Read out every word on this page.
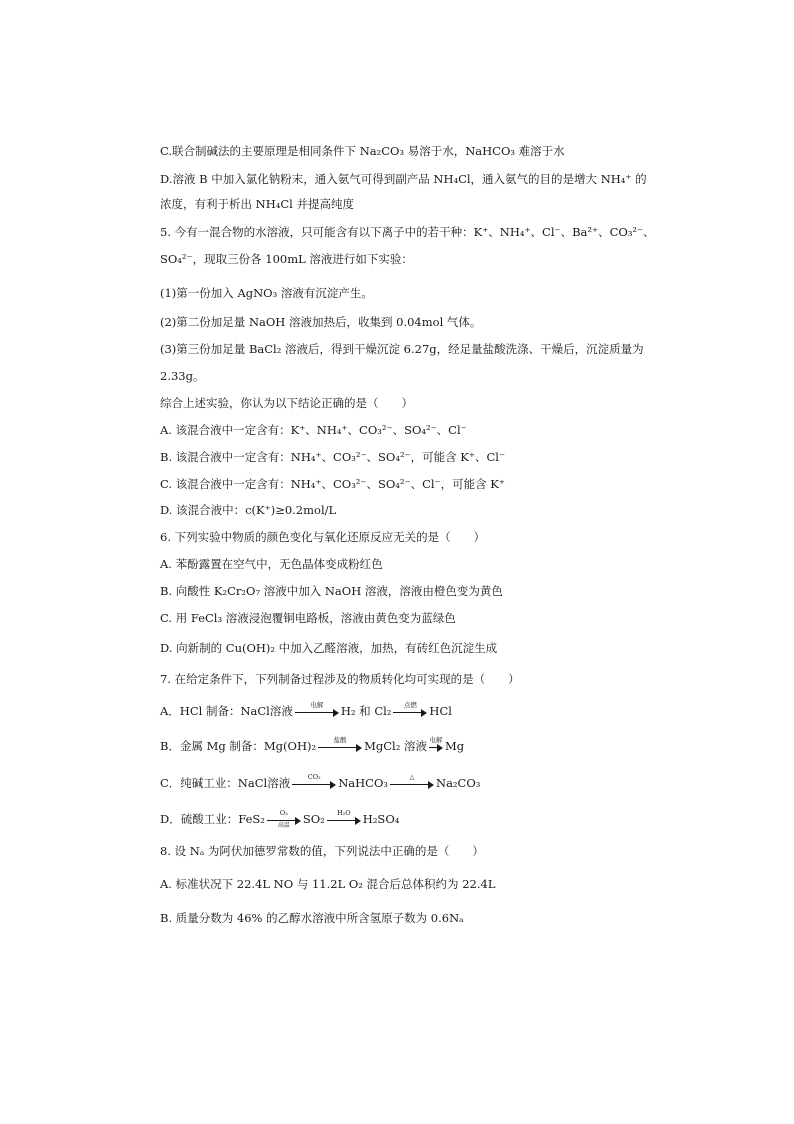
C.联合制碱法的主要原理是相同条件下 Na₂CO₃ 易溶于水，NaHCO₃ 难溶于水
D.溶液 B 中加入氯化钠粉末，通入氨气可得到副产品 NH₄Cl，通入氨气的目的是增大 NH₄⁺ 的
浓度，有利于析出 NH₄Cl 并提高纯度
5. 今有一混合物的水溶液，只可能含有以下离子中的若干种：K⁺、NH₄⁺、Cl⁻、Ba²⁺、CO₃²⁻、
SO₄²⁻，现取三份各 100mL 溶液进行如下实验：
(1)第一份加入 AgNO₃ 溶液有沉淀产生。
(2)第二份加足量 NaOH 溶液加热后，收集到 0.04mol 气体。
(3)第三份加足量 BaCl₂ 溶液后，得到干燥沉淀 6.27g，经足量盐酸洗涤、干燥后，沉淀质量为
2.33g。
综合上述实验，你认为以下结论正确的是（　　）
A. 该混合液中一定含有：K⁺、NH₄⁺、CO₃²⁻、SO₄²⁻、Cl⁻
B. 该混合液中一定含有：NH₄⁺、CO₃²⁻、SO₄²⁻，可能含 K⁺、Cl⁻
C. 该混合液中一定含有：NH₄⁺、CO₃²⁻、SO₄²⁻、Cl⁻，可能含 K⁺
D. 该混合液中：c(K⁺)≥0.2mol/L
6. 下列实验中物质的颜色变化与氧化还原反应无关的是（　　）
A. 苯酚露置在空气中，无色晶体变成粉红色
B. 向酸性 K₂Cr₂O₇ 溶液中加入 NaOH 溶液，溶液由橙色变为黄色
C. 用 FeCl₃ 溶液浸泡覆铜电路板，溶液由黄色变为蓝绿色
D. 向新制的 Cu(OH)₂ 中加入乙醛溶液，加热，有砖红色沉淀生成
7. 在给定条件下，下列制备过程涉及的物质转化均可实现的是（　　）
A．HCl 制备：NaCl溶液	电解	H₂ 和 Cl₂	点燃	HCl
B．金属 Mg 制备：Mg(OH)₂	盐酸	MgCl₂ 溶液 电解 Mg
C．纯碱工业：NaCl溶液	CO₂	NaHCO₃	△	Na₂CO₃
D．硫酸工业：FeS₂	O₂
高温	SO₂	H₂O	H₂SO₄
8. 设 Nₐ 为阿伏加德罗常数的值，下列说法中正确的是（　　）
A. 标准状况下 22.4L NO 与 11.2L O₂ 混合后总体积约为 22.4L
B. 质量分数为 46% 的乙醇水溶液中所含氢原子数为 0.6Nₐ
